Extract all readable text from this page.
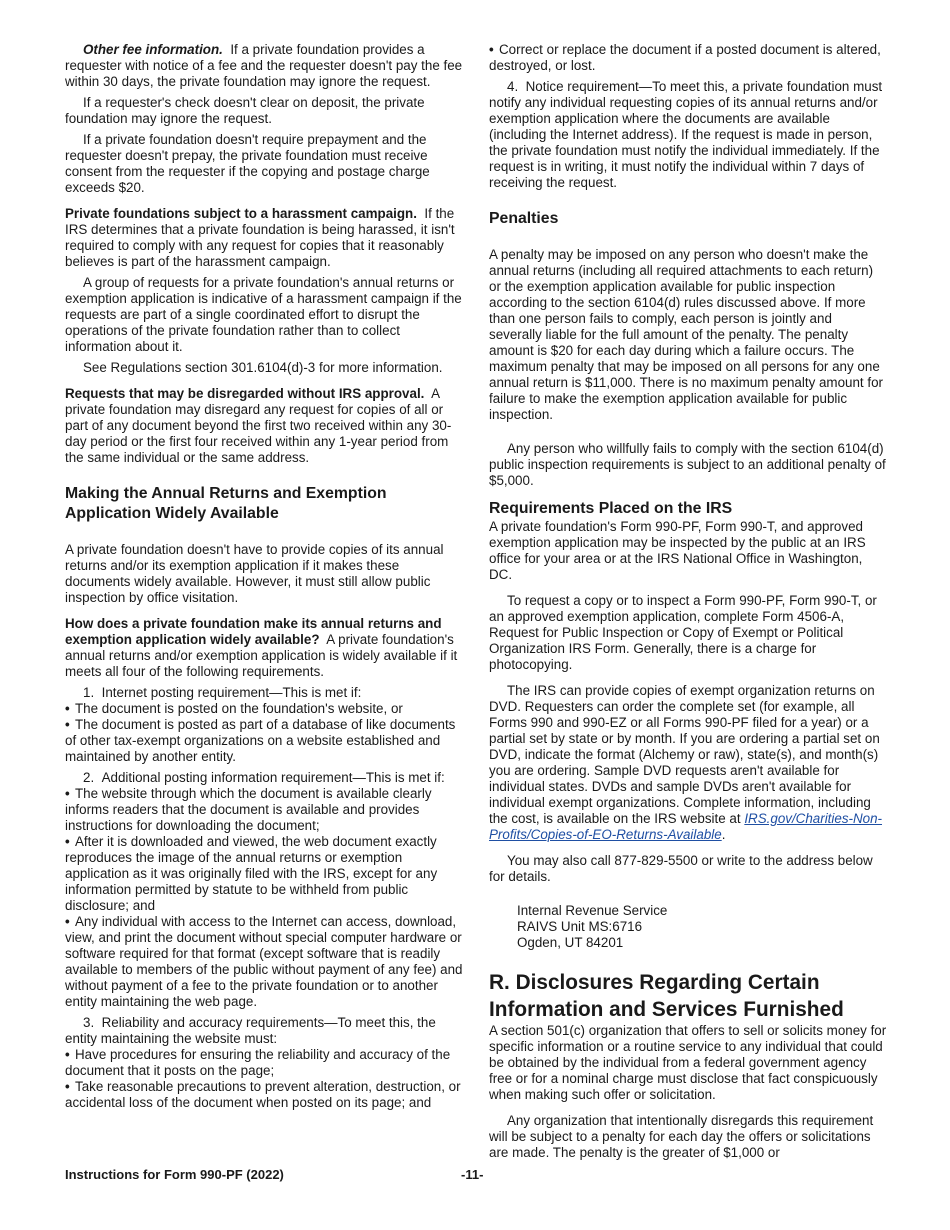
Other fee information. If a private foundation provides a requester with notice of a fee and the requester doesn't pay the fee within 30 days, the private foundation may ignore the request.

If a requester's check doesn't clear on deposit, the private foundation may ignore the request.

If a private foundation doesn't require prepayment and the requester doesn't prepay, the private foundation must receive consent from the requester if the copying and postage charge exceeds $20.

Private foundations subject to a harassment campaign. If the IRS determines that a private foundation is being harassed, it isn't required to comply with any request for copies that it reasonably believes is part of the harassment campaign.

A group of requests for a private foundation's annual returns or exemption application is indicative of a harassment campaign if the requests are part of a single coordinated effort to disrupt the operations of the private foundation rather than to collect information about it.

See Regulations section 301.6104(d)-3 for more information.

Requests that may be disregarded without IRS approval. A private foundation may disregard any request for copies of all or part of any document beyond the first two received within any 30-day period or the first four received within any 1-year period from the same individual or the same address.

Making the Annual Returns and Exemption Application Widely Available

A private foundation doesn't have to provide copies of its annual returns and/or its exemption application if it makes these documents widely available. However, it must still allow public inspection by office visitation.

How does a private foundation make its annual returns and exemption application widely available? A private foundation's annual returns and/or exemption application is widely available if it meets all four of the following requirements.

1.  Internet posting requirement—This is met if:

• The document is posted on the foundation's website, or

• The document is posted as part of a database of like documents of other tax-exempt organizations on a website established and maintained by another entity.

2.  Additional posting information requirement—This is met if:

• The website through which the document is available clearly informs readers that the document is available and provides instructions for downloading the document;

• After it is downloaded and viewed, the web document exactly reproduces the image of the annual returns or exemption application as it was originally filed with the IRS, except for any information permitted by statute to be withheld from public disclosure; and

• Any individual with access to the Internet can access, download, view, and print the document without special computer hardware or software required for that format (except software that is readily available to members of the public without payment of any fee) and without payment of a fee to the private foundation or to another entity maintaining the web page.

3.  Reliability and accuracy requirements—To meet this, the entity maintaining the website must:

• Have procedures for ensuring the reliability and accuracy of the document that it posts on the page;

• Take reasonable precautions to prevent alteration, destruction, or accidental loss of the document when posted on its page; and

• Correct or replace the document if a posted document is altered, destroyed, or lost.

4.  Notice requirement—To meet this, a private foundation must notify any individual requesting copies of its annual returns and/or exemption application where the documents are available (including the Internet address). If the request is made in person, the private foundation must notify the individual immediately. If the request is in writing, it must notify the individual within 7 days of receiving the request.

Penalties

A penalty may be imposed on any person who doesn't make the annual returns (including all required attachments to each return) or the exemption application available for public inspection according to the section 6104(d) rules discussed above. If more than one person fails to comply, each person is jointly and severally liable for the full amount of the penalty. The penalty amount is $20 for each day during which a failure occurs. The maximum penalty that may be imposed on all persons for any one annual return is $11,000. There is no maximum penalty amount for failure to make the exemption application available for public inspection.

Any person who willfully fails to comply with the section 6104(d) public inspection requirements is subject to an additional penalty of $5,000.

Requirements Placed on the IRS

A private foundation's Form 990-PF, Form 990-T, and approved exemption application may be inspected by the public at an IRS office for your area or at the IRS National Office in Washington, DC.

To request a copy or to inspect a Form 990-PF, Form 990-T, or an approved exemption application, complete Form 4506-A, Request for Public Inspection or Copy of Exempt or Political Organization IRS Form. Generally, there is a charge for photocopying.

The IRS can provide copies of exempt organization returns on DVD. Requesters can order the complete set (for example, all Forms 990 and 990-EZ or all Forms 990-PF filed for a year) or a partial set by state or by month. If you are ordering a partial set on DVD, indicate the format (Alchemy or raw), state(s), and month(s) you are ordering. Sample DVD requests aren't available for individual states. DVDs and sample DVDs aren't available for individual exempt organizations. Complete information, including the cost, is available on the IRS website at IRS.gov/Charities-Non-Profits/Copies-of-EO-Returns-Available.

You may also call 877-829-5500 or write to the address below for details.

Internal Revenue Service

RAIVS Unit MS:6716

Ogden, UT 84201

R. Disclosures Regarding Certain Information and Services Furnished

A section 501(c) organization that offers to sell or solicits money for specific information or a routine service to any individual that could be obtained by the individual from a federal government agency free or for a nominal charge must disclose that fact conspicuously when making such offer or solicitation.

Any organization that intentionally disregards this requirement will be subject to a penalty for each day the offers or solicitations are made. The penalty is the greater of $1,000 or

Instructions for Form 990-PF (2022)	-11-
